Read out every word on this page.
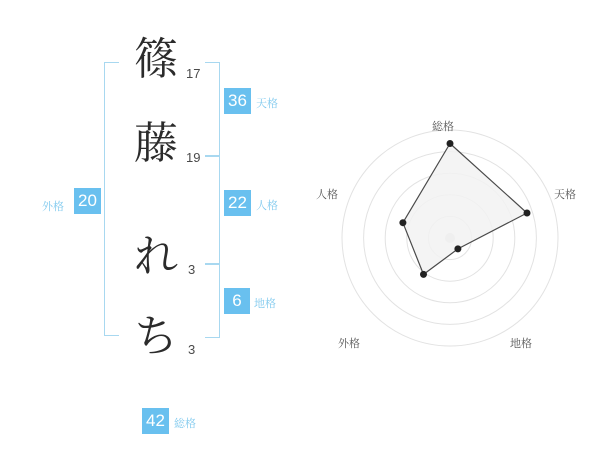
篠 17
藤 19
れ 3
ち 3
36 天格
22 人格
6	地格
外格 20
42 総格
総格
天格
地格
外格
人格
